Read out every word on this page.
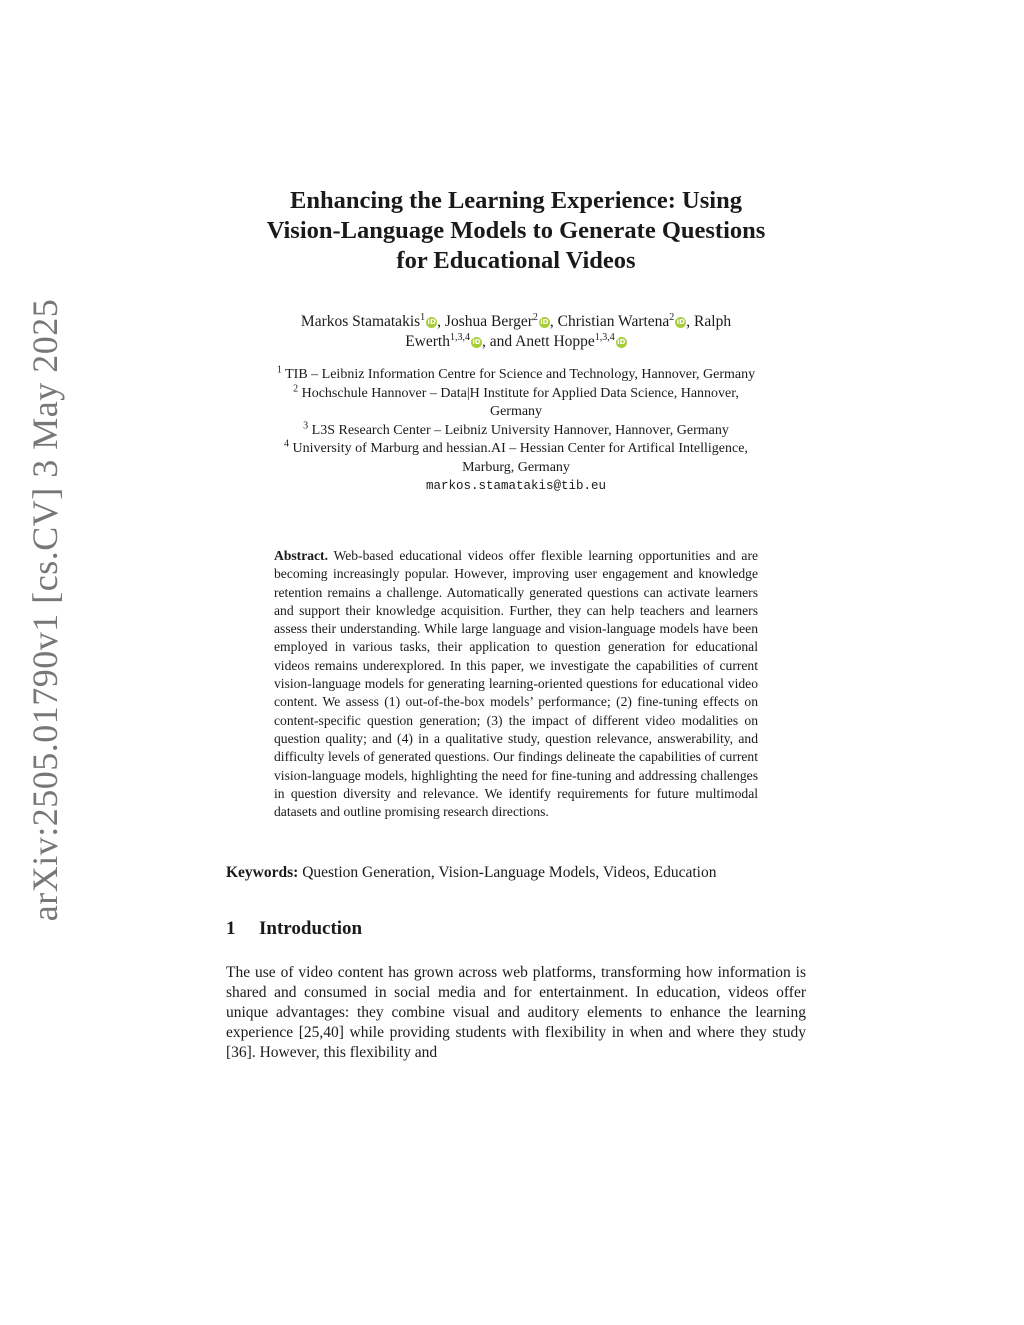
arXiv:2505.01790v1 [cs.CV] 3 May 2025
Enhancing the Learning Experience: Using
Vision-Language Models to Generate Questions
for Educational Videos
Markos Stamatakis$^1$ iD, Joshua Berger$^2$ iD, Christian Wartena$^2$ iD, Ralph
Ewerth$^{1,3,4}$ iD, and Anett Hoppe$^{1,3,4}$ iD
$^1$ TIB – Leibniz Information Centre for Science and Technology, Hannover, Germany
$^2$ Hochschule Hannover – Data|H Institute for Applied Data Science, Hannover,
Germany
$^3$ L3S Research Center – Leibniz University Hannover, Hannover, Germany
$^4$ University of Marburg and hessian.AI – Hessian Center for Artifical Intelligence,
Marburg, Germany
markos.stamatakis@tib.eu
Abstract. Web-based educational videos offer flexible learning opportunities and are becoming increasingly popular. However, improving user engagement and knowledge retention remains a challenge. Automatically generated questions can activate learners and support their knowledge acquisition. Further, they can help teachers and learners assess their understanding. While large language and vision-language models have been employed in various tasks, their application to question generation for educational videos remains underexplored. In this paper, we investigate the capabilities of current vision-language models for generating learning-oriented questions for educational video content. We assess (1) out-of-the-box models’ performance; (2) fine-tuning effects on content-specific question generation; (3) the impact of different video modalities on question quality; and (4) in a qualitative study, question relevance, answerability, and difficulty levels of generated questions. Our findings delineate the capabilities of current vision-language models, highlighting the need for fine-tuning and addressing challenges in question diversity and relevance. We identify requirements for future multimodal datasets and outline promising research directions.
Keywords: Question Generation, Vision-Language Models, Videos, Education
1 Introduction

The use of video content has grown across web platforms, transforming how information is shared and consumed in social media and for entertainment. In education, videos offer unique advantages: they combine visual and auditory elements to enhance the learning experience [25,40] while providing students with flexibility in when and where they study [36]. However, this flexibility and
